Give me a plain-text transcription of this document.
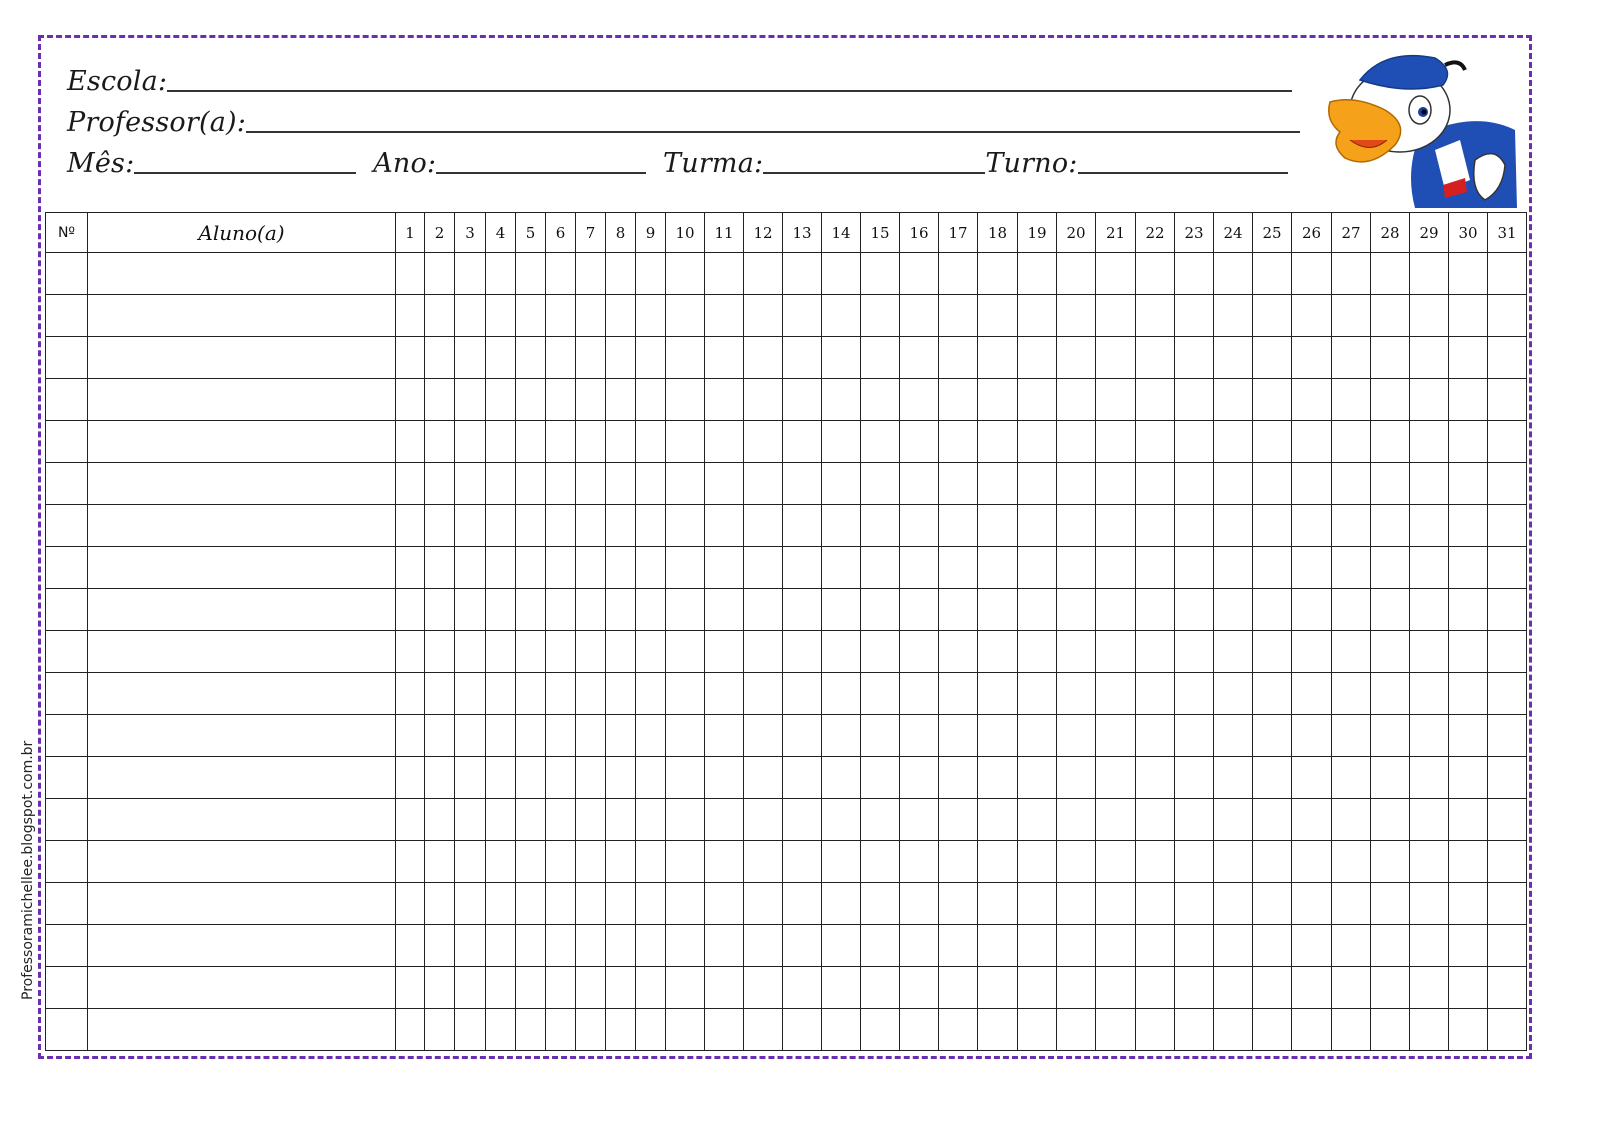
Professoramichellee.blogspot.com.br
Escola:
Professor(a):
Mês:	Ano:	Turma:	Turno:
Nº	Aluno(a)	1	2	3	4	5	6	7	8	9	10	11	12	13	14	15	16	17	18	19	20	21	22	23	24	25	26	27	28	29	30	31
